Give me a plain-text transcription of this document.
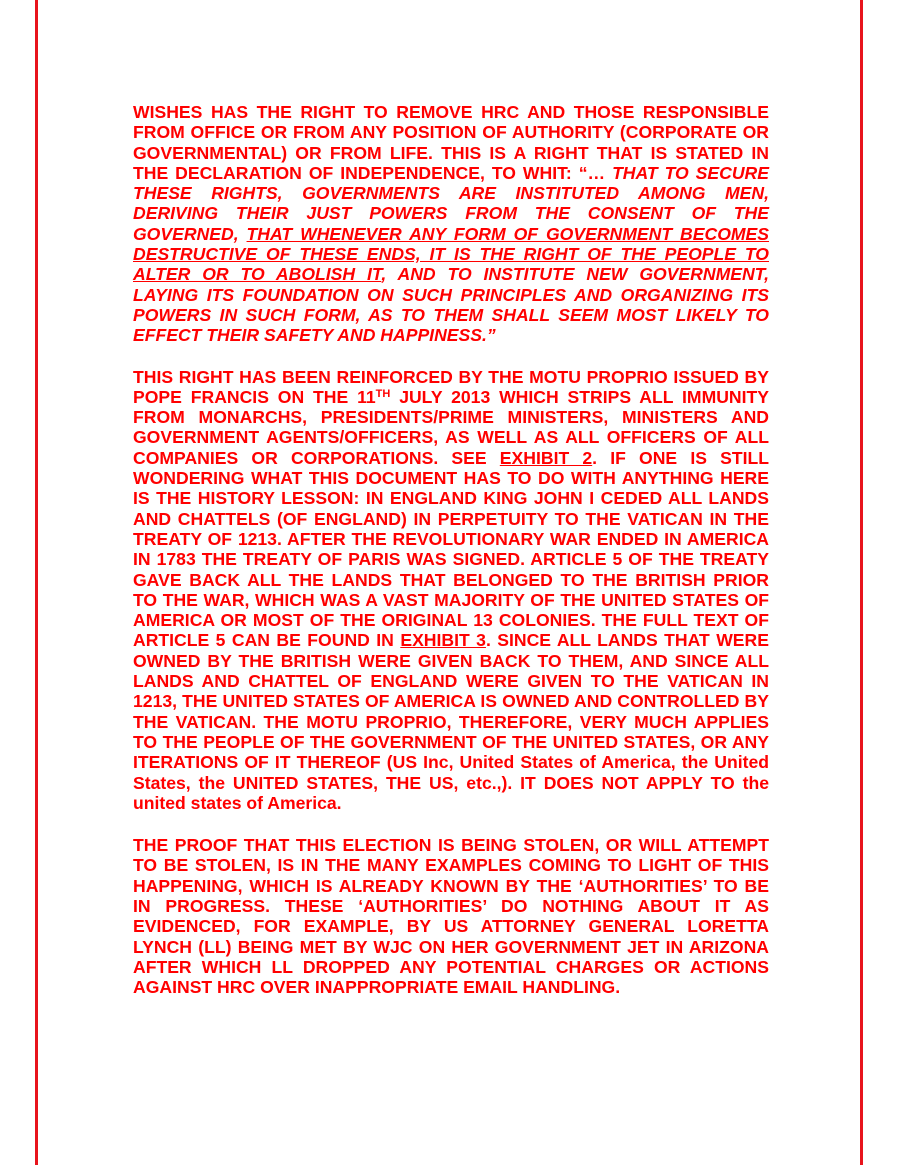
WISHES HAS THE RIGHT TO REMOVE HRC AND THOSE RESPONSIBLE FROM OFFICE OR FROM ANY POSITION OF AUTHORITY (CORPORATE OR GOVERNMENTAL) OR FROM LIFE. THIS IS A RIGHT THAT IS STATED IN THE DECLARATION OF INDEPENDENCE, TO WHIT: “… THAT TO SECURE THESE RIGHTS, GOVERNMENTS ARE INSTITUTED AMONG MEN, DERIVING THEIR JUST POWERS FROM THE CONSENT OF THE GOVERNED, THAT WHENEVER ANY FORM OF GOVERNMENT BECOMES DESTRUCTIVE OF THESE ENDS, IT IS THE RIGHT OF THE PEOPLE TO ALTER OR TO ABOLISH IT, AND TO INSTITUTE NEW GOVERNMENT, LAYING ITS FOUNDATION ON SUCH PRINCIPLES AND ORGANIZING ITS POWERS IN SUCH FORM, AS TO THEM SHALL SEEM MOST LIKELY TO EFFECT THEIR SAFETY AND HAPPINESS.”

THIS RIGHT HAS BEEN REINFORCED BY THE MOTU PROPRIO ISSUED BY POPE FRANCIS ON THE 11TH JULY 2013 WHICH STRIPS ALL IMMUNITY FROM MONARCHS, PRESIDENTS/PRIME MINISTERS, MINISTERS AND GOVERNMENT AGENTS/OFFICERS, AS WELL AS ALL OFFICERS OF ALL COMPANIES OR CORPORATIONS. SEE EXHIBIT 2. IF ONE IS STILL WONDERING WHAT THIS DOCUMENT HAS TO DO WITH ANYTHING HERE IS THE HISTORY LESSON: IN ENGLAND KING JOHN I CEDED ALL LANDS AND CHATTELS (OF ENGLAND) IN PERPETUITY TO THE VATICAN IN THE TREATY OF 1213. AFTER THE REVOLUTIONARY WAR ENDED IN AMERICA IN 1783 THE TREATY OF PARIS WAS SIGNED. ARTICLE 5 OF THE TREATY GAVE BACK ALL THE LANDS THAT BELONGED TO THE BRITISH PRIOR TO THE WAR, WHICH WAS A VAST MAJORITY OF THE UNITED STATES OF AMERICA OR MOST OF THE ORIGINAL 13 COLONIES. THE FULL TEXT OF ARTICLE 5 CAN BE FOUND IN EXHIBIT 3. SINCE ALL LANDS THAT WERE OWNED BY THE BRITISH WERE GIVEN BACK TO THEM, AND SINCE ALL LANDS AND CHATTEL OF ENGLAND WERE GIVEN TO THE VATICAN IN 1213, THE UNITED STATES OF AMERICA IS OWNED AND CONTROLLED BY THE VATICAN. THE MOTU PROPRIO, THEREFORE, VERY MUCH APPLIES TO THE PEOPLE OF THE GOVERNMENT OF THE UNITED STATES, OR ANY ITERATIONS OF IT THEREOF (US Inc, United States of America, the United States, the UNITED STATES, THE US, etc.,). IT DOES NOT APPLY TO the united states of America.

THE PROOF THAT THIS ELECTION IS BEING STOLEN, OR WILL ATTEMPT TO BE STOLEN, IS IN THE MANY EXAMPLES COMING TO LIGHT OF THIS HAPPENING, WHICH IS ALREADY KNOWN BY THE ‘AUTHORITIES’ TO BE IN PROGRESS. THESE ‘AUTHORITIES’ DO NOTHING ABOUT IT AS EVIDENCED, FOR EXAMPLE, BY US ATTORNEY GENERAL LORETTA LYNCH (LL) BEING MET BY WJC ON HER GOVERNMENT JET IN ARIZONA AFTER WHICH LL DROPPED ANY POTENTIAL CHARGES OR ACTIONS AGAINST HRC OVER INAPPROPRIATE EMAIL HANDLING.
